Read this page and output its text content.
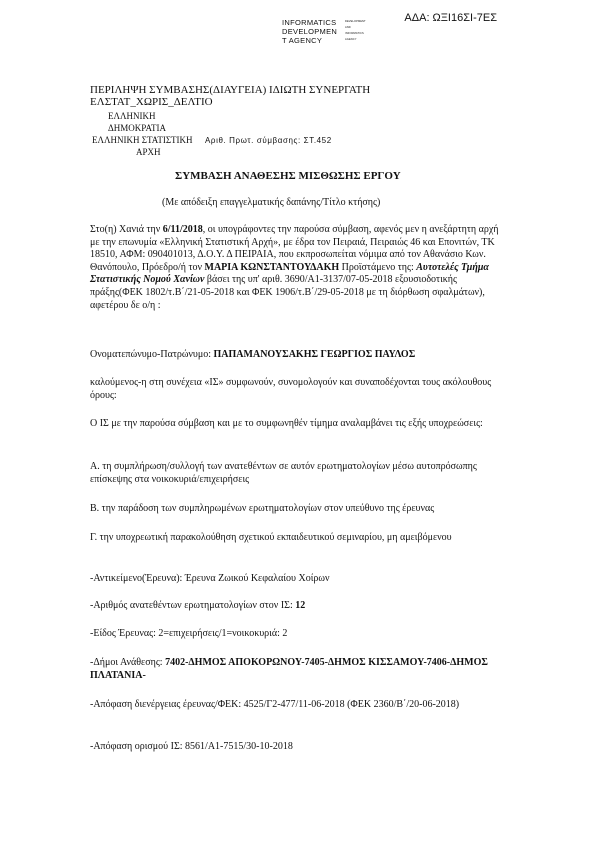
ΑΔΑ: ΩΞΙ16ΣΙ-7ΕΣ
INFORMATICS
DEVELOPMEN
T AGENCY
DEVELOPMENT
AND
INFORMATICS
AGENCY
ΠΕΡΙΛΗΨΗ ΣΥΜΒΑΣΗΣ(ΔΙΑΥΓΕΙΑ) ΙΔΙΩΤΗ ΣΥΝΕΡΓΑΤΗ
ΕΛΣΤΑΤ_ΧΩΡΙΣ_ΔΕΛΤΙΟ
ΕΛΛΗΝΙΚΗ
ΔΗΜΟΚΡΑΤΙΑ
ΕΛΛΗΝΙΚΗ ΣΤΑΤΙΣΤΙΚΗ Αριθ. Πρωτ. σύμβασης: ΣΤ.452
ΑΡΧΗ
ΣΥΜΒΑΣΗ ΑΝΑΘΕΣΗΣ ΜΙΣΘΩΣΗΣ ΕΡΓΟΥ
(Με απόδειξη επαγγελματικής δαπάνης/Τίτλο κτήσης)
Στο(η) Χανιά την 6/11/2018, οι υπογράφοντες την παρούσα σύμβαση, αφενός μεν η ανεξάρτητη αρχή με την επωνυμία «Ελληνική Στατιστική Αρχή», με έδρα τον Πειραιά, Πειραιώς 46 και Επονιτών, ΤΚ 18510, ΑΦΜ: 090401013, Δ.Ο.Υ. Δ ΠΕΙΡΑΙΑ, που εκπροσωπείται νόμιμα από τον Αθανάσιο Κων. Θανόπουλο, Πρόεδρο/ή τον ΜΑΡΙΑ ΚΩΝΣΤΑΝΤΟΥΔΑΚΗ Προϊστάμενο της: Αυτοτελές Τμήμα Στατιστικής Νομού Χανίων βάσει της υπ' αριθ. 3690/Α1-3137/07-05-2018 εξουσιοδοτικής πράξης(ΦΕΚ 1802/τ.Β΄/21-05-2018 και ΦΕΚ 1906/τ.Β΄/29-05-2018 με τη διόρθωση σφαλμάτων), αφετέρου δε ο/η :
Ονοματεπώνυμο-Πατρώνυμο: ΠΑΠΑΜΑΝΟΥΣΑΚΗΣ ΓΕΩΡΓΙΟΣ ΠΑΥΛΟΣ
καλούμενος-η στη συνέχεια «ΙΣ» συμφωνούν, συνομολογούν και συναποδέχονται τους ακόλουθους όρους:
Ο ΙΣ με την παρούσα σύμβαση και με το συμφωνηθέν τίμημα αναλαμβάνει τις εξής υποχρεώσεις:
Α. τη συμπλήρωση/συλλογή των ανατεθέντων σε αυτόν ερωτηματολογίων μέσω αυτοπρόσωπης επίσκεψης στα νοικοκυριά/επιχειρήσεις
Β. την παράδοση των συμπληρωμένων ερωτηματολογίων στον υπεύθυνο της έρευνας
Γ. την υποχρεωτική παρακολούθηση σχετικού εκπαιδευτικού σεμιναρίου, μη αμειβόμενου
-Αντικείμενο(Έρευνα): Έρευνα Ζωικού Κεφαλαίου Χοίρων
-Αριθμός ανατεθέντων ερωτηματολογίων στον ΙΣ: 12
-Είδος Έρευνας: 2=επιχειρήσεις/1=νοικοκυριά: 2
-Δήμοι Ανάθεσης: 7402-ΔΗΜΟΣ ΑΠΟΚΟΡΩΝΟΥ-7405-ΔΗΜΟΣ ΚΙΣΣΑΜΟΥ-7406-ΔΗΜΟΣ ΠΛΑΤΑΝΙΑ-
-Απόφαση διενέργειας έρευνας/ΦΕΚ: 4525/Γ2-477/11-06-2018 (ΦΕΚ 2360/Β΄/20-06-2018)
-Απόφαση ορισμού ΙΣ: 8561/Α1-7515/30-10-2018
